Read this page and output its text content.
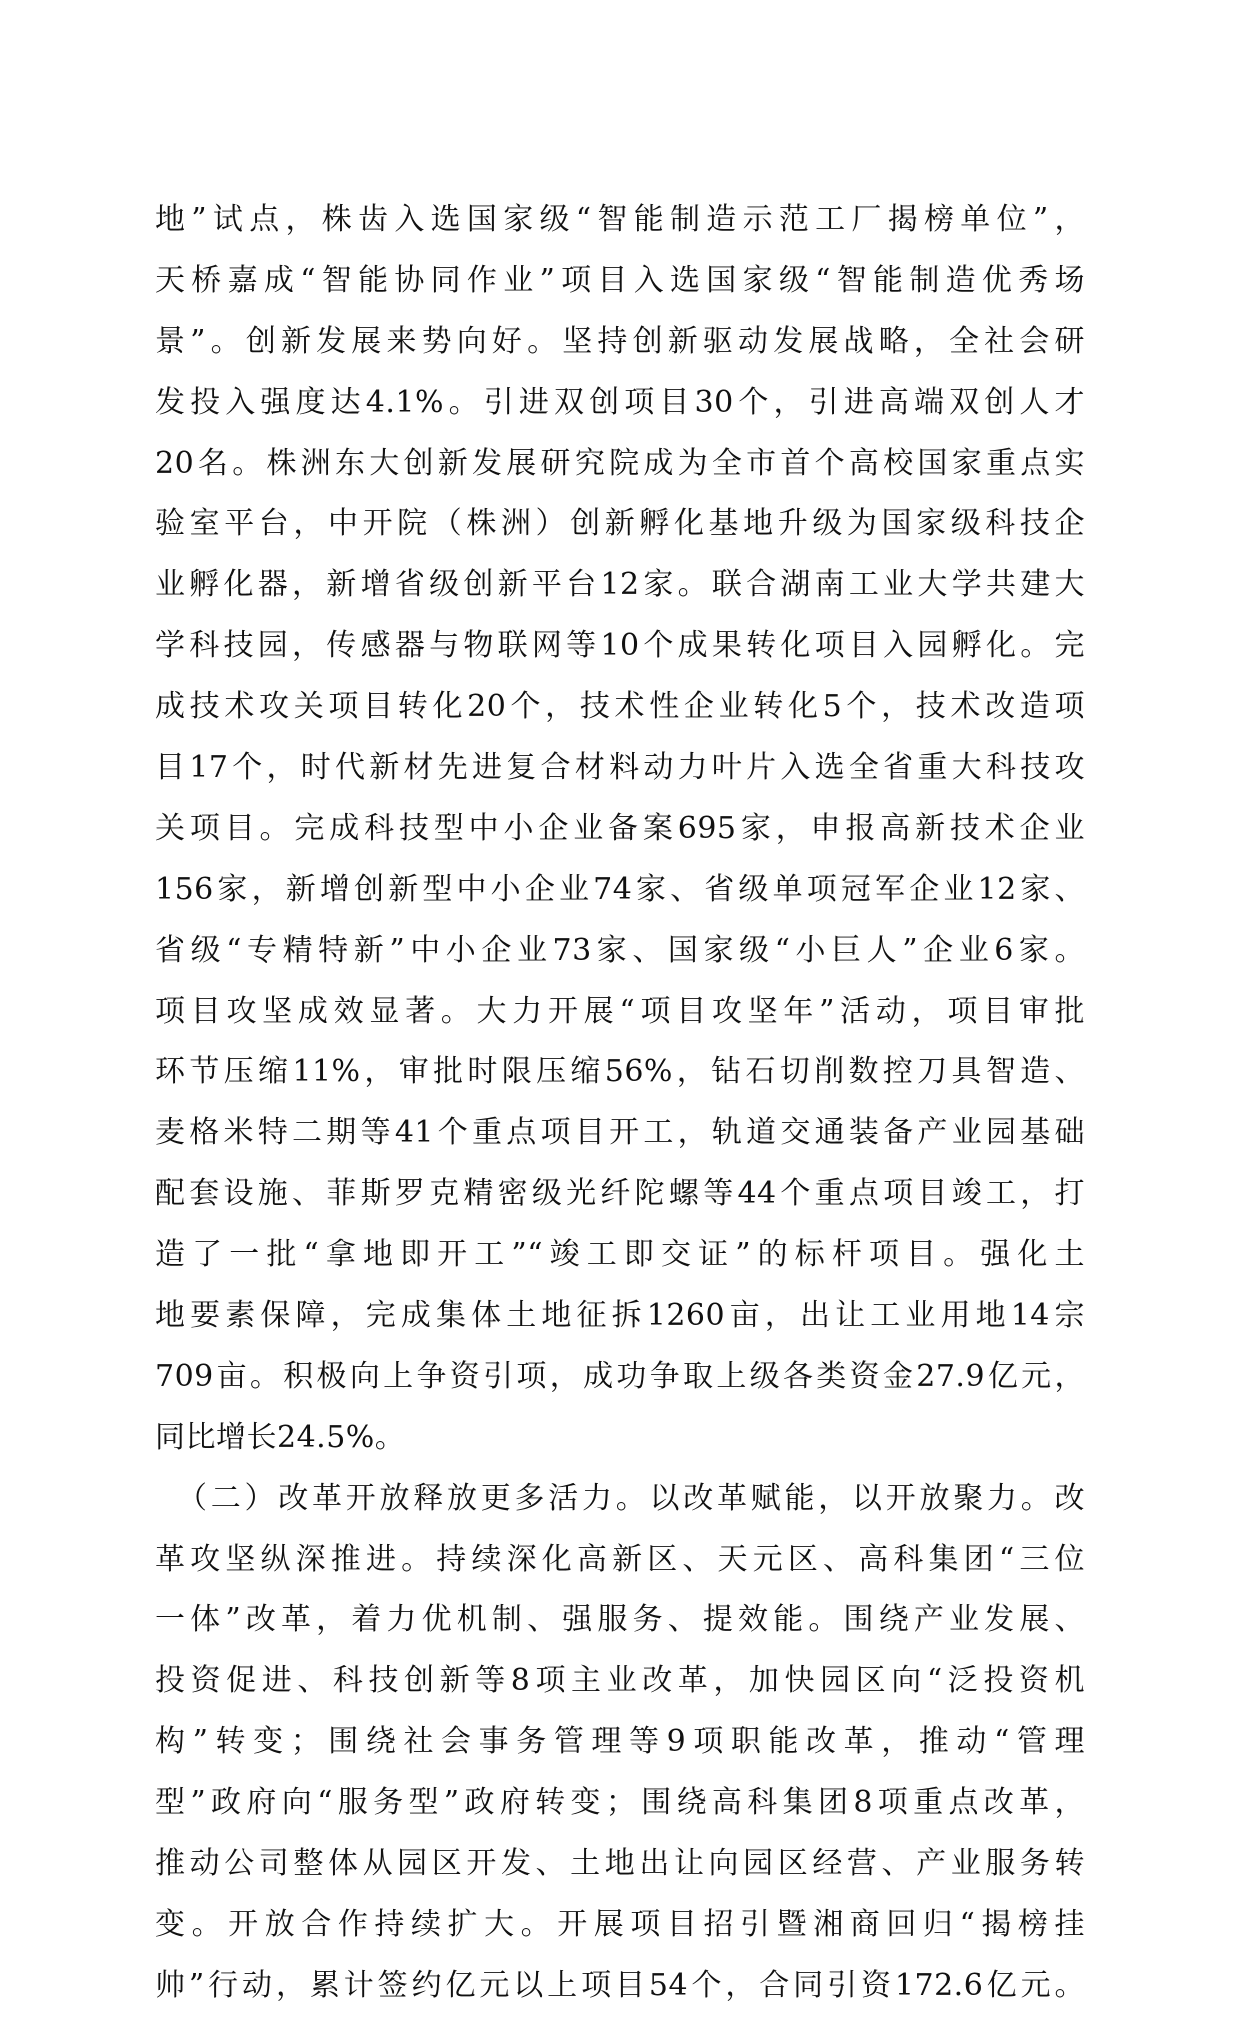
地”试点，株齿入选国家级“智能制造示范工厂揭榜单位”，
天桥嘉成“智能协同作业”项目入选国家级“智能制造优秀场
景”。创新发展来势向好。坚持创新驱动发展战略，全社会研
发投入强度达4.1%。引进双创项目30个，引进高端双创人才
20名。株洲东大创新发展研究院成为全市首个高校国家重点实
验室平台，中开院（株洲）创新孵化基地升级为国家级科技企
业孵化器，新增省级创新平台12家。联合湖南工业大学共建大
学科技园，传感器与物联网等10个成果转化项目入园孵化。完
成技术攻关项目转化20个，技术性企业转化5个，技术改造项
目17个，时代新材先进复合材料动力叶片入选全省重大科技攻
关项目。完成科技型中小企业备案695家，申报高新技术企业
156家，新增创新型中小企业74家、省级单项冠军企业12家、
省级“专精特新”中小企业73家、国家级“小巨人”企业6家。
项目攻坚成效显著。大力开展“项目攻坚年”活动，项目审批
环节压缩11%，审批时限压缩56%，钻石切削数控刀具智造、
麦格米特二期等41个重点项目开工，轨道交通装备产业园基础
配套设施、菲斯罗克精密级光纤陀螺等44个重点项目竣工，打
造了一批“拿地即开工”“竣工即交证”的标杆项目。强化土
地要素保障，完成集体土地征拆1260亩，出让工业用地14宗
709亩。积极向上争资引项，成功争取上级各类资金27.9亿元，
同比增长24.5%。
（二）改革开放释放更多活力。以改革赋能，以开放聚力。改
革攻坚纵深推进。持续深化高新区、天元区、高科集团“三位
一体”改革，着力优机制、强服务、提效能。围绕产业发展、
投资促进、科技创新等8项主业改革，加快园区向“泛投资机
构”转变；围绕社会事务管理等9项职能改革，推动“管理
型”政府向“服务型”政府转变；围绕高科集团8项重点改革，
推动公司整体从园区开发、土地出让向园区经营、产业服务转
变。开放合作持续扩大。开展项目招引暨湘商回归“揭榜挂
帅”行动，累计签约亿元以上项目54个，合同引资172.6亿元。
